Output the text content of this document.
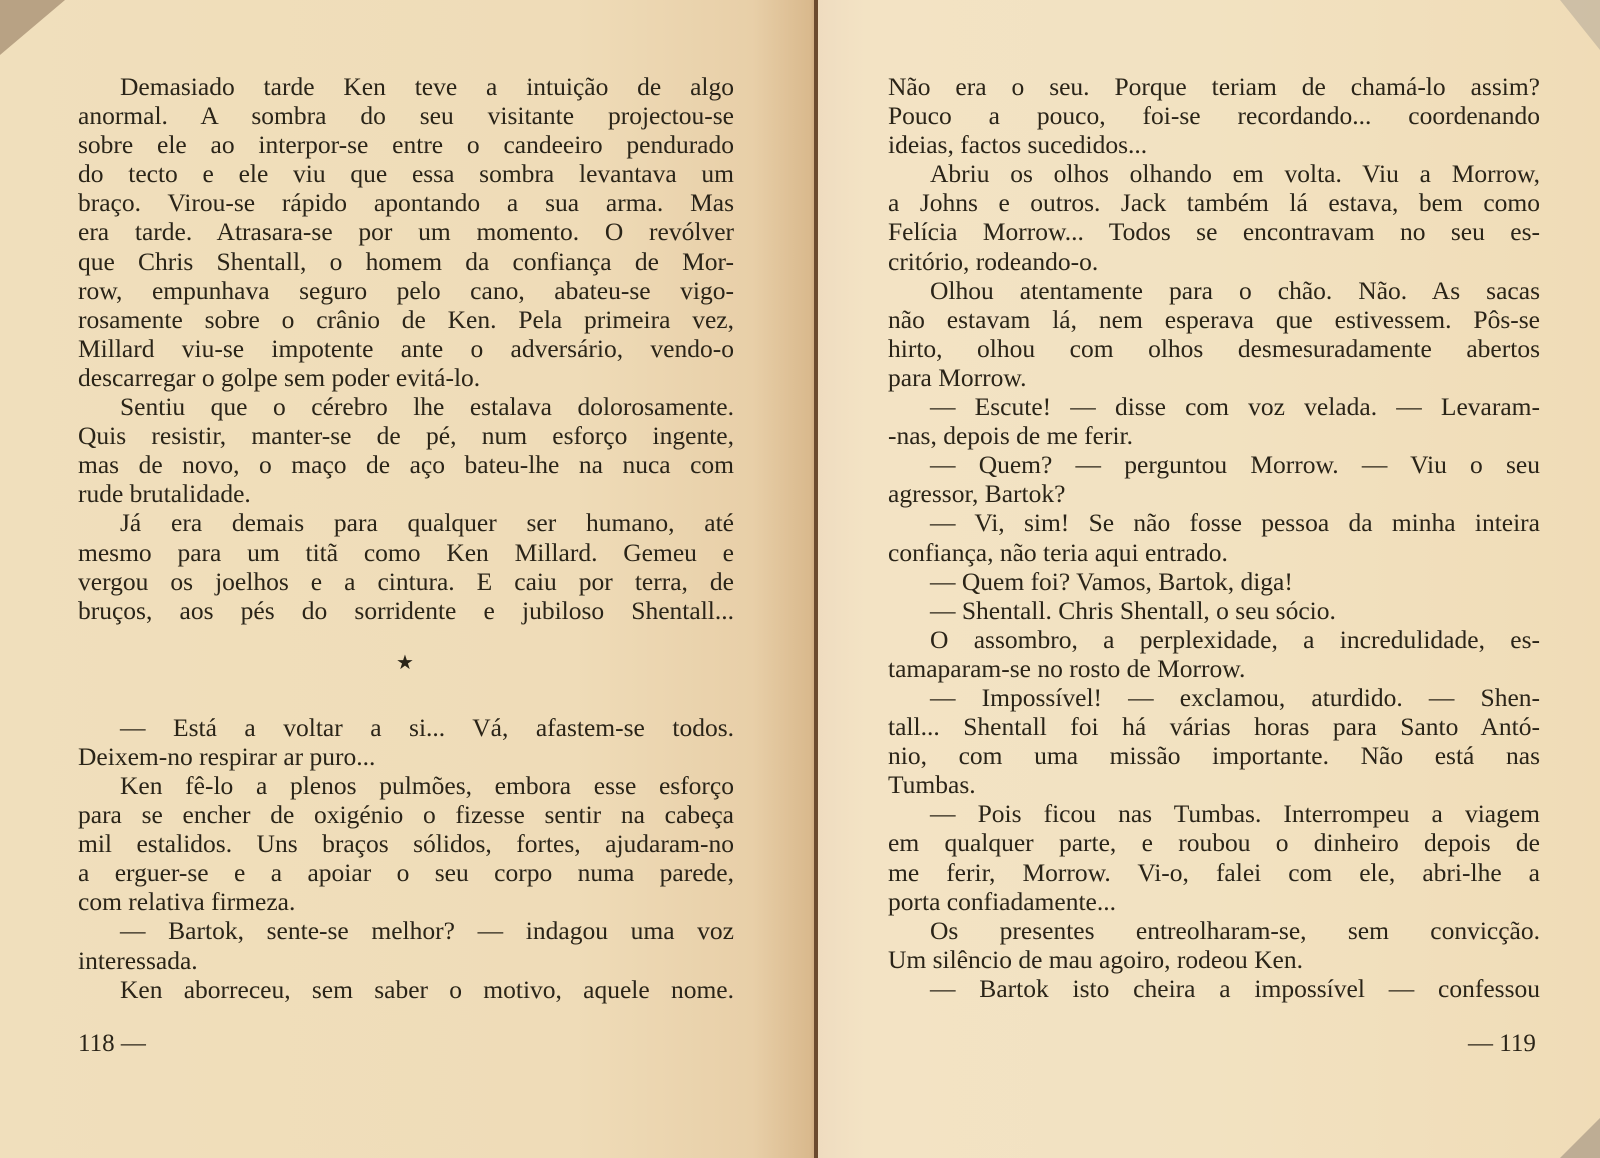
Demasiado tarde Ken teve a intuição de algo
anormal. A sombra do seu visitante projectou-se
sobre ele ao interpor-se entre o candeeiro pendurado
do tecto e ele viu que essa sombra levantava um
braço. Virou-se rápido apontando a sua arma. Mas
era tarde. Atrasara-se por um momento. O revólver
que Chris Shentall, o homem da confiança de Mor-
row, empunhava seguro pelo cano, abateu-se vigo-
rosamente sobre o crânio de Ken. Pela primeira vez,
Millard viu-se impotente ante o adversário, vendo-o
descarregar o golpe sem poder evitá-lo.
Sentiu que o cérebro lhe estalava dolorosamente.
Quis resistir, manter-se de pé, num esforço ingente,
mas de novo, o maço de aço bateu-lhe na nuca com
rude brutalidade.
Já era demais para qualquer ser humano, até
mesmo para um titã como Ken Millard. Gemeu e
vergou os joelhos e a cintura. E caiu por terra, de
bruços, aos pés do sorridente e jubiloso Shentall...
— Está a voltar a si... Vá, afastem-se todos.
Deixem-no respirar ar puro...
Ken fê-lo a plenos pulmões, embora esse esforço
para se encher de oxigénio o fizesse sentir na cabeça
mil estalidos. Uns braços sólidos, fortes, ajudaram-no
a erguer-se e a apoiar o seu corpo numa parede,
com relativa firmeza.
— Bartok, sente-se melhor? — indagou uma voz
interessada.
Ken aborreceu, sem saber o motivo, aquele nome.
★
Não era o seu. Porque teriam de chamá-lo assim?
Pouco a pouco, foi-se recordando... coordenando
ideias, factos sucedidos...
Abriu os olhos olhando em volta. Viu a Morrow,
a Johns e outros. Jack também lá estava, bem como
Felícia Morrow... Todos se encontravam no seu es-
critório, rodeando-o.
Olhou atentamente para o chão. Não. As sacas
não estavam lá, nem esperava que estivessem. Pôs-se
hirto, olhou com olhos desmesuradamente abertos
para Morrow.
— Escute! — disse com voz velada. — Levaram-
-nas, depois de me ferir.
— Quem? — perguntou Morrow. — Viu o seu
agressor, Bartok?
— Vi, sim! Se não fosse pessoa da minha inteira
confiança, não teria aqui entrado.
— Quem foi? Vamos, Bartok, diga!
— Shentall. Chris Shentall, o seu sócio.
O assombro, a perplexidade, a incredulidade, es-
tamaparam-se no rosto de Morrow.
— Impossível! — exclamou, aturdido. — Shen-
tall... Shentall foi há várias horas para Santo Antó-
nio, com uma missão importante. Não está nas
Tumbas.
— Pois ficou nas Tumbas. Interrompeu a viagem
em qualquer parte, e roubou o dinheiro depois de
me ferir, Morrow. Vi-o, falei com ele, abri-lhe a
porta confiadamente...
Os presentes entreolharam-se, sem convicção.
Um silêncio de mau agoiro, rodeou Ken.
— Bartok isto cheira a impossível — confessou
118 —	— 119
